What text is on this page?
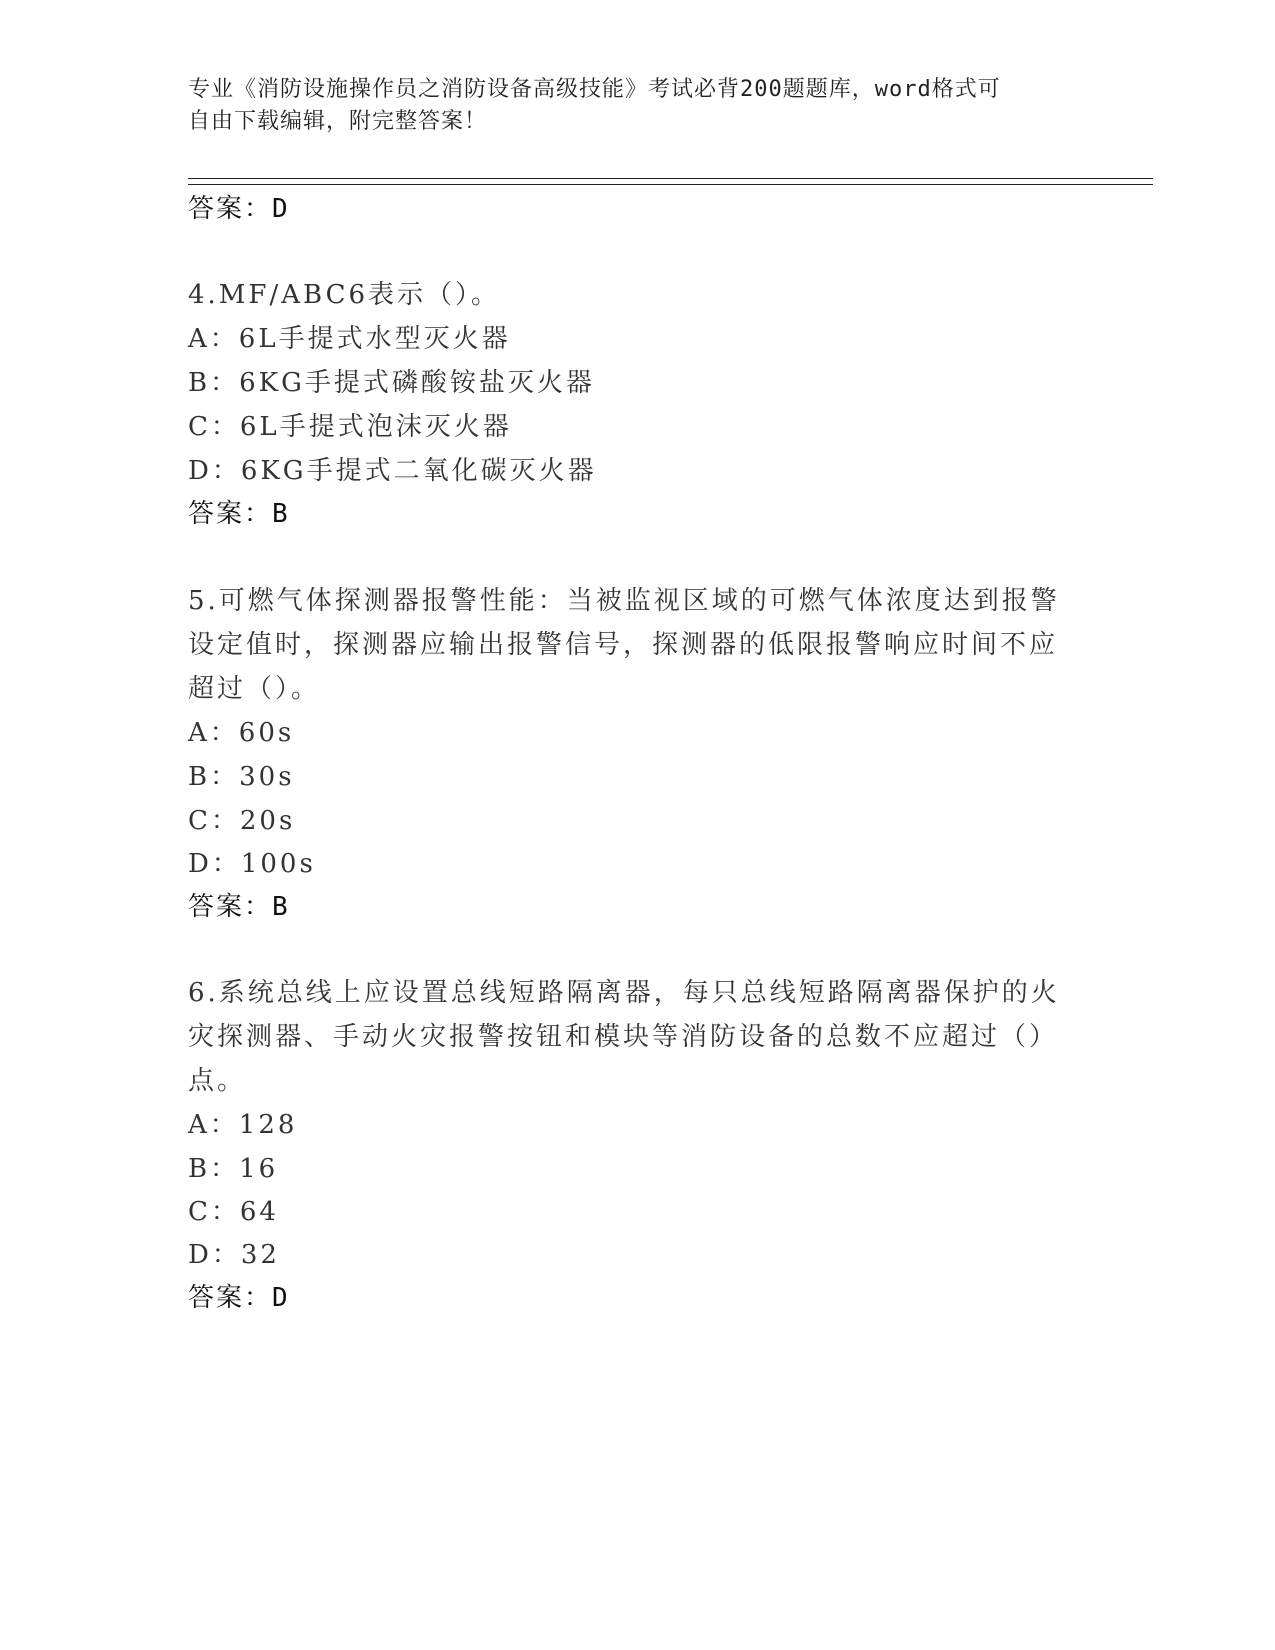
专业《消防设施操作员之消防设备高级技能》考试必背200题题库，word格式可
自由下载编辑，附完整答案！
答案：D
4.MF/ABC6表示（）。
A：6L手提式水型灭火器
B：6KG手提式磷酸铵盐灭火器
C：6L手提式泡沫灭火器
D：6KG手提式二氧化碳灭火器
答案：B
5.可燃气体探测器报警性能：当被监视区域的可燃气体浓度达到报警
设定值时，探测器应输出报警信号，探测器的低限报警响应时间不应
超过（）。
A：60s
B：30s
C：20s
D：100s
答案：B
6.系统总线上应设置总线短路隔离器，每只总线短路隔离器保护的火
灾探测器、手动火灾报警按钮和模块等消防设备的总数不应超过（）
点。
A：128
B：16
C：64
D：32
答案：D
